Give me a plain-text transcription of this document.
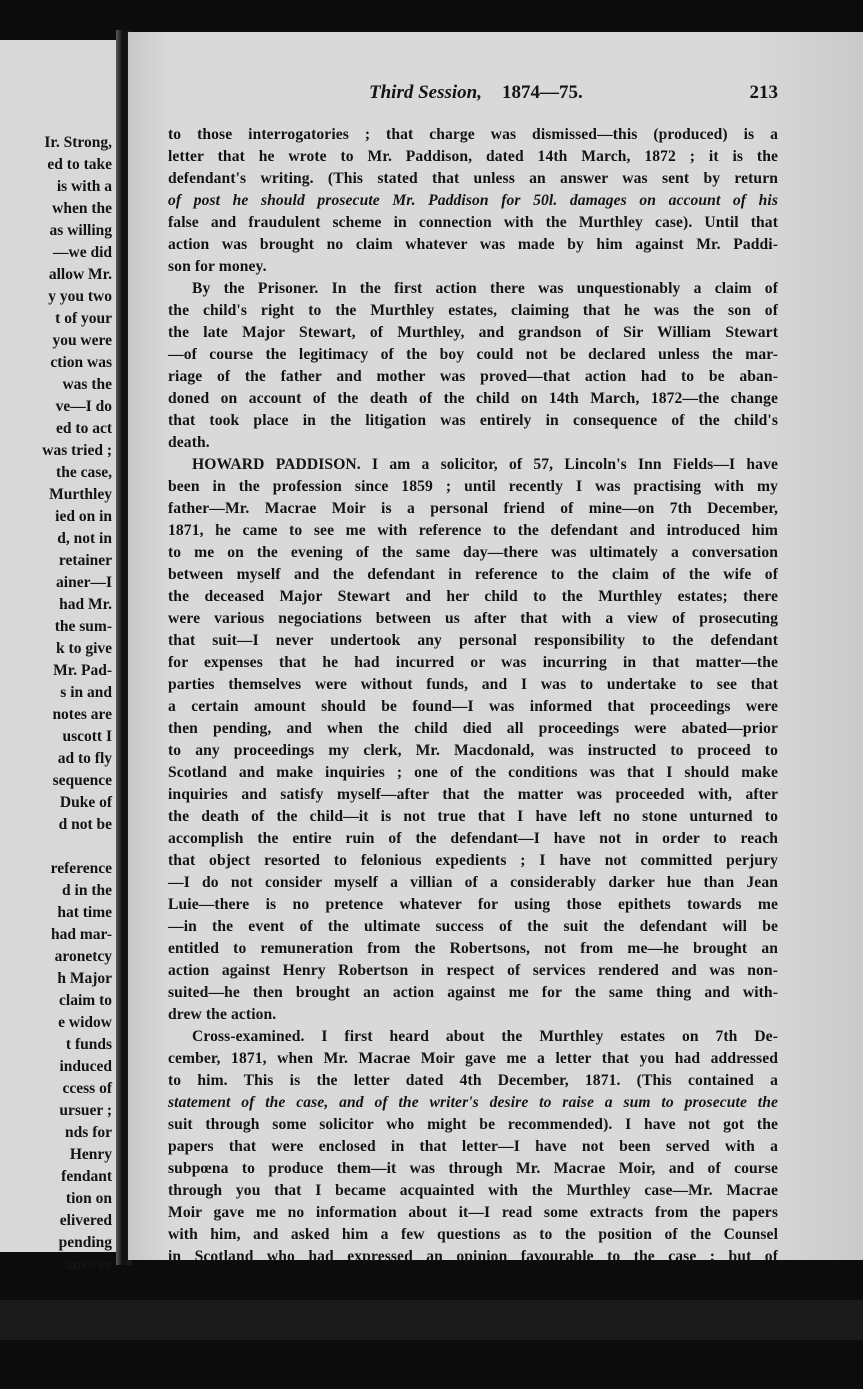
Ir. Strong,
ed to take
is with a
when the
as willing
—we did
allow Mr.
y you two
t of your
you were
ction was
was the
ve—I do
ed to act
was tried ;
the case,
Murthley
ied on in
d, not in
retainer
ainer—I
had Mr.
the sum-
k to give
Mr. Pad-
s in and
notes are
uscott I
ad to fly
sequence
Duke of
d not be

reference
d in the
hat time
had mar-
aronetcy
h Major
claim to
e widow
t funds
induced
ccess of
ursuer ;
nds for
Henry
fendant
tion on
elivered
pending
answer
Third Session, 1874—75.	213
to those interrogatories ; that charge was dismissed—this (produced) is a
letter that he wrote to Mr. Paddison, dated 14th March, 1872 ; it is the
defendant's writing. (This stated that unless an answer was sent by return
of post he should prosecute Mr. Paddison for 50l. damages on account of his
false and fraudulent scheme in connection with the Murthley case). Until that
action was brought no claim whatever was made by him against Mr. Paddi-
son for money.
By the Prisoner. In the first action there was unquestionably a claim of
the child's right to the Murthley estates, claiming that he was the son of
the late Major Stewart, of Murthley, and grandson of Sir William Stewart
—of course the legitimacy of the boy could not be declared unless the mar-
riage of the father and mother was proved—that action had to be aban-
doned on account of the death of the child on 14th March, 1872—the change
that took place in the litigation was entirely in consequence of the child's
death.
HOWARD PADDISON. I am a solicitor, of 57, Lincoln's Inn Fields—I have
been in the profession since 1859 ; until recently I was practising with my
father—Mr. Macrae Moir is a personal friend of mine—on 7th December,
1871, he came to see me with reference to the defendant and introduced him
to me on the evening of the same day—there was ultimately a conversation
between myself and the defendant in reference to the claim of the wife of
the deceased Major Stewart and her child to the Murthley estates; there
were various negociations between us after that with a view of prosecuting
that suit—I never undertook any personal responsibility to the defendant
for expenses that he had incurred or was incurring in that matter—the
parties themselves were without funds, and I was to undertake to see that
a certain amount should be found—I was informed that proceedings were
then pending, and when the child died all proceedings were abated—prior
to any proceedings my clerk, Mr. Macdonald, was instructed to proceed to
Scotland and make inquiries ; one of the conditions was that I should make
inquiries and satisfy myself—after that the matter was proceeded with, after
the death of the child—it is not true that I have left no stone unturned to
accomplish the entire ruin of the defendant—I have not in order to reach
that object resorted to felonious expedients ; I have not committed perjury
—I do not consider myself a villian of a considerably darker hue than Jean
Luie—there is no pretence whatever for using those epithets towards me
—in the event of the ultimate success of the suit the defendant will be
entitled to remuneration from the Robertsons, not from me—he brought an
action against Henry Robertson in respect of services rendered and was non-
suited—he then brought an action against me for the same thing and with-
drew the action.
Cross-examined. I first heard about the Murthley estates on 7th De-
cember, 1871, when Mr. Macrae Moir gave me a letter that you had addressed
to him. This is the letter dated 4th December, 1871. (This contained a
statement of the case, and of the writer's desire to raise a sum to prosecute the
suit through some solicitor who might be recommended). I have not got the
papers that were enclosed in that letter—I have not been served with a
subpœna to produce them—it was through Mr. Macrae Moir, and of course
through you that I became acquainted with the Murthley case—Mr. Macrae
Moir gave me no information about it—I read some extracts from the papers
with him, and asked him a few questions as to the position of the Counsel
in Scotland who had expressed an opinion favourable to the case ; but of
